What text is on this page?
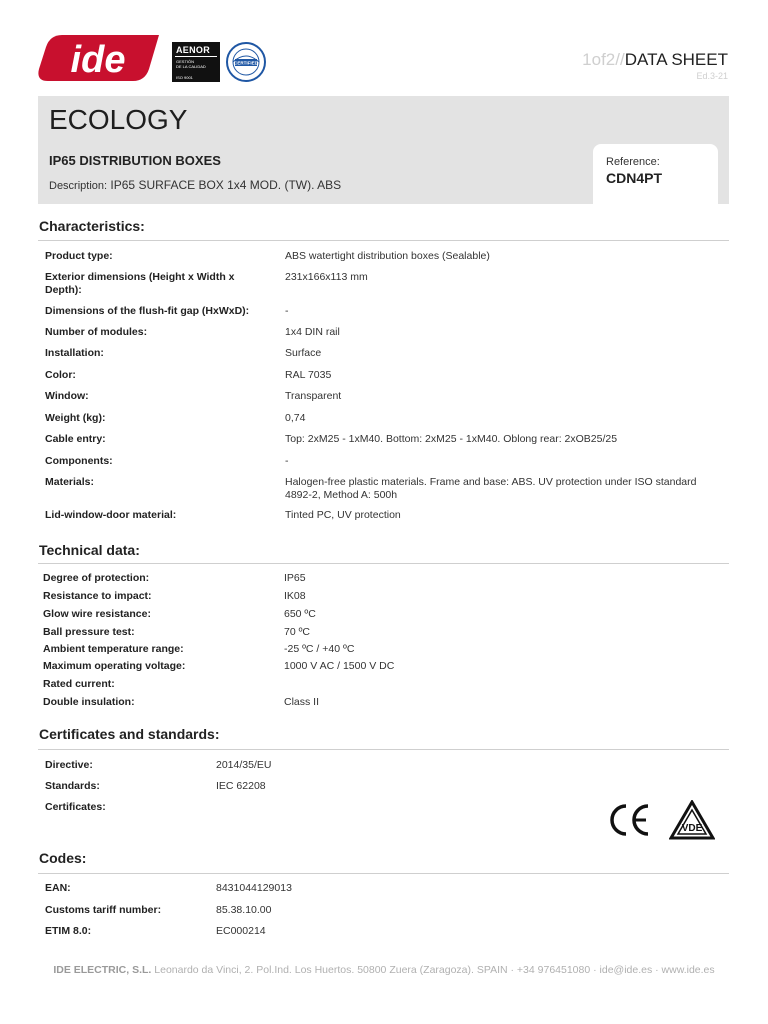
ide	AENOR
GESTIÓN
DE LA CALIDAD
ISO 9001
CERTIFIED	1of2//DATA SHEET
Ed.3-21
ECOLOGY
IP65 DISTRIBUTION BOXES
Description: IP65 SURFACE BOX 1x4 MOD. (TW). ABS
Reference:
CDN4PT
Characteristics:
Product type:	ABS watertight distribution boxes (Sealable)
Exterior dimensions (Height x Width x Depth):
231x166x113 mm
Dimensions of the flush-fit gap (HxWxD):	-
Number of modules:	1x4 DIN rail
Installation:	Surface
Color:	RAL 7035
Window:	Transparent
Weight (kg):	0,74
Cable entry:	Top: 2xM25 - 1xM40. Bottom: 2xM25 - 1xM40. Oblong rear: 2xOB25/25
Components:	-
Materials:	Halogen-free plastic materials. Frame and base: ABS. UV protection under ISO standard 4892-2, Method A: 500h
Lid-window-door material:	Tinted PC, UV protection
Technical data:
Degree of protection:	IP65
Resistance to impact:	IK08
Glow wire resistance:	650 ºC
Ball pressure test:	70 ºC
Ambient temperature range:	-25 ºC / +40 ºC
Maximum operating voltage:	1000 V AC / 1500 V DC
Rated current:
Double insulation:	Class II
Certificates and standards:
Directive:	2014/35/EU
Standards:	IEC 62208
Certificates:
VDE
Codes:
EAN:	8431044129013
Customs tariff number:	85.38.10.00
ETIM 8.0:	EC000214
IDE ELECTRIC, S.L. Leonardo da Vinci, 2. Pol.Ind. Los Huertos. 50800 Zuera (Zaragoza). SPAIN · +34 976451080 · ide@ide.es · www.ide.es
